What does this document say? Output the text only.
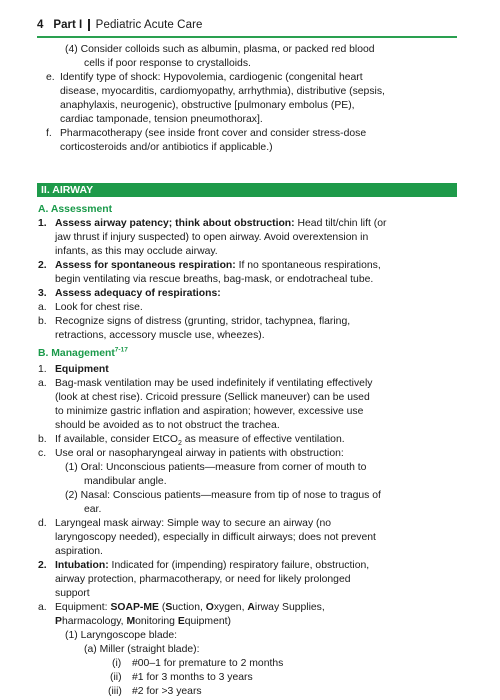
4 Part I Pediatric Acute Care
(4) Consider colloids such as albumin, plasma, or packed red blood
cells if poor response to crystalloids.
e. Identify type of shock: Hypovolemia, cardiogenic (congenital heart
disease, myocarditis, cardiomyopathy, arrhythmia), distributive (sepsis,
anaphylaxis, neurogenic), obstructive [pulmonary embolus (PE),
cardiac tamponade, tension pneumothorax].
f. Pharmacotherapy (see inside front cover and consider stress-dose
corticosteroids and/or antibiotics if applicable.)
II. AIRWAY
A. Assessment
1. Assess airway patency; think about obstruction: Head tilt/chin lift (or
jaw thrust if injury suspected) to open airway. Avoid overextension in
infants, as this may occlude airway.
2. Assess for spontaneous respiration: If no spontaneous respirations,
begin ventilating via rescue breaths, bag-mask, or endotracheal tube.
3. Assess adequacy of respirations:
a. Look for chest rise.
b. Recognize signs of distress (grunting, stridor, tachypnea, flaring,
retractions, accessory muscle use, wheezes).
B. Management$^{7-17}$
1. Equipment
a. Bag-mask ventilation may be used indefinitely if ventilating effectively
(look at chest rise). Cricoid pressure (Sellick maneuver) can be used
to minimize gastric inflation and aspiration; however, excessive use
should be avoided as to not obstruct the trachea.
b. If available, consider EtCO$_2$ as measure of effective ventilation.
c. Use oral or nasopharyngeal airway in patients with obstruction:
(1) Oral: Unconscious patients—measure from corner of mouth to
mandibular angle.
(2) Nasal: Conscious patients—measure from tip of nose to tragus of
ear.
d. Laryngeal mask airway: Simple way to secure an airway (no
laryngoscopy needed), especially in difficult airways; does not prevent
aspiration.
2. Intubation: Indicated for (impending) respiratory failure, obstruction,
airway protection, pharmacotherapy, or need for likely prolonged
support
a. Equipment: SOAP-ME (Suction, Oxygen, Airway Supplies,
Pharmacology, Monitoring Equipment)
(1) Laryngoscope blade:
(a) Miller (straight blade):
(i) #00–1 for premature to 2 months
(ii) #1 for 3 months to 3 years
(iii) #2 for >3 years
